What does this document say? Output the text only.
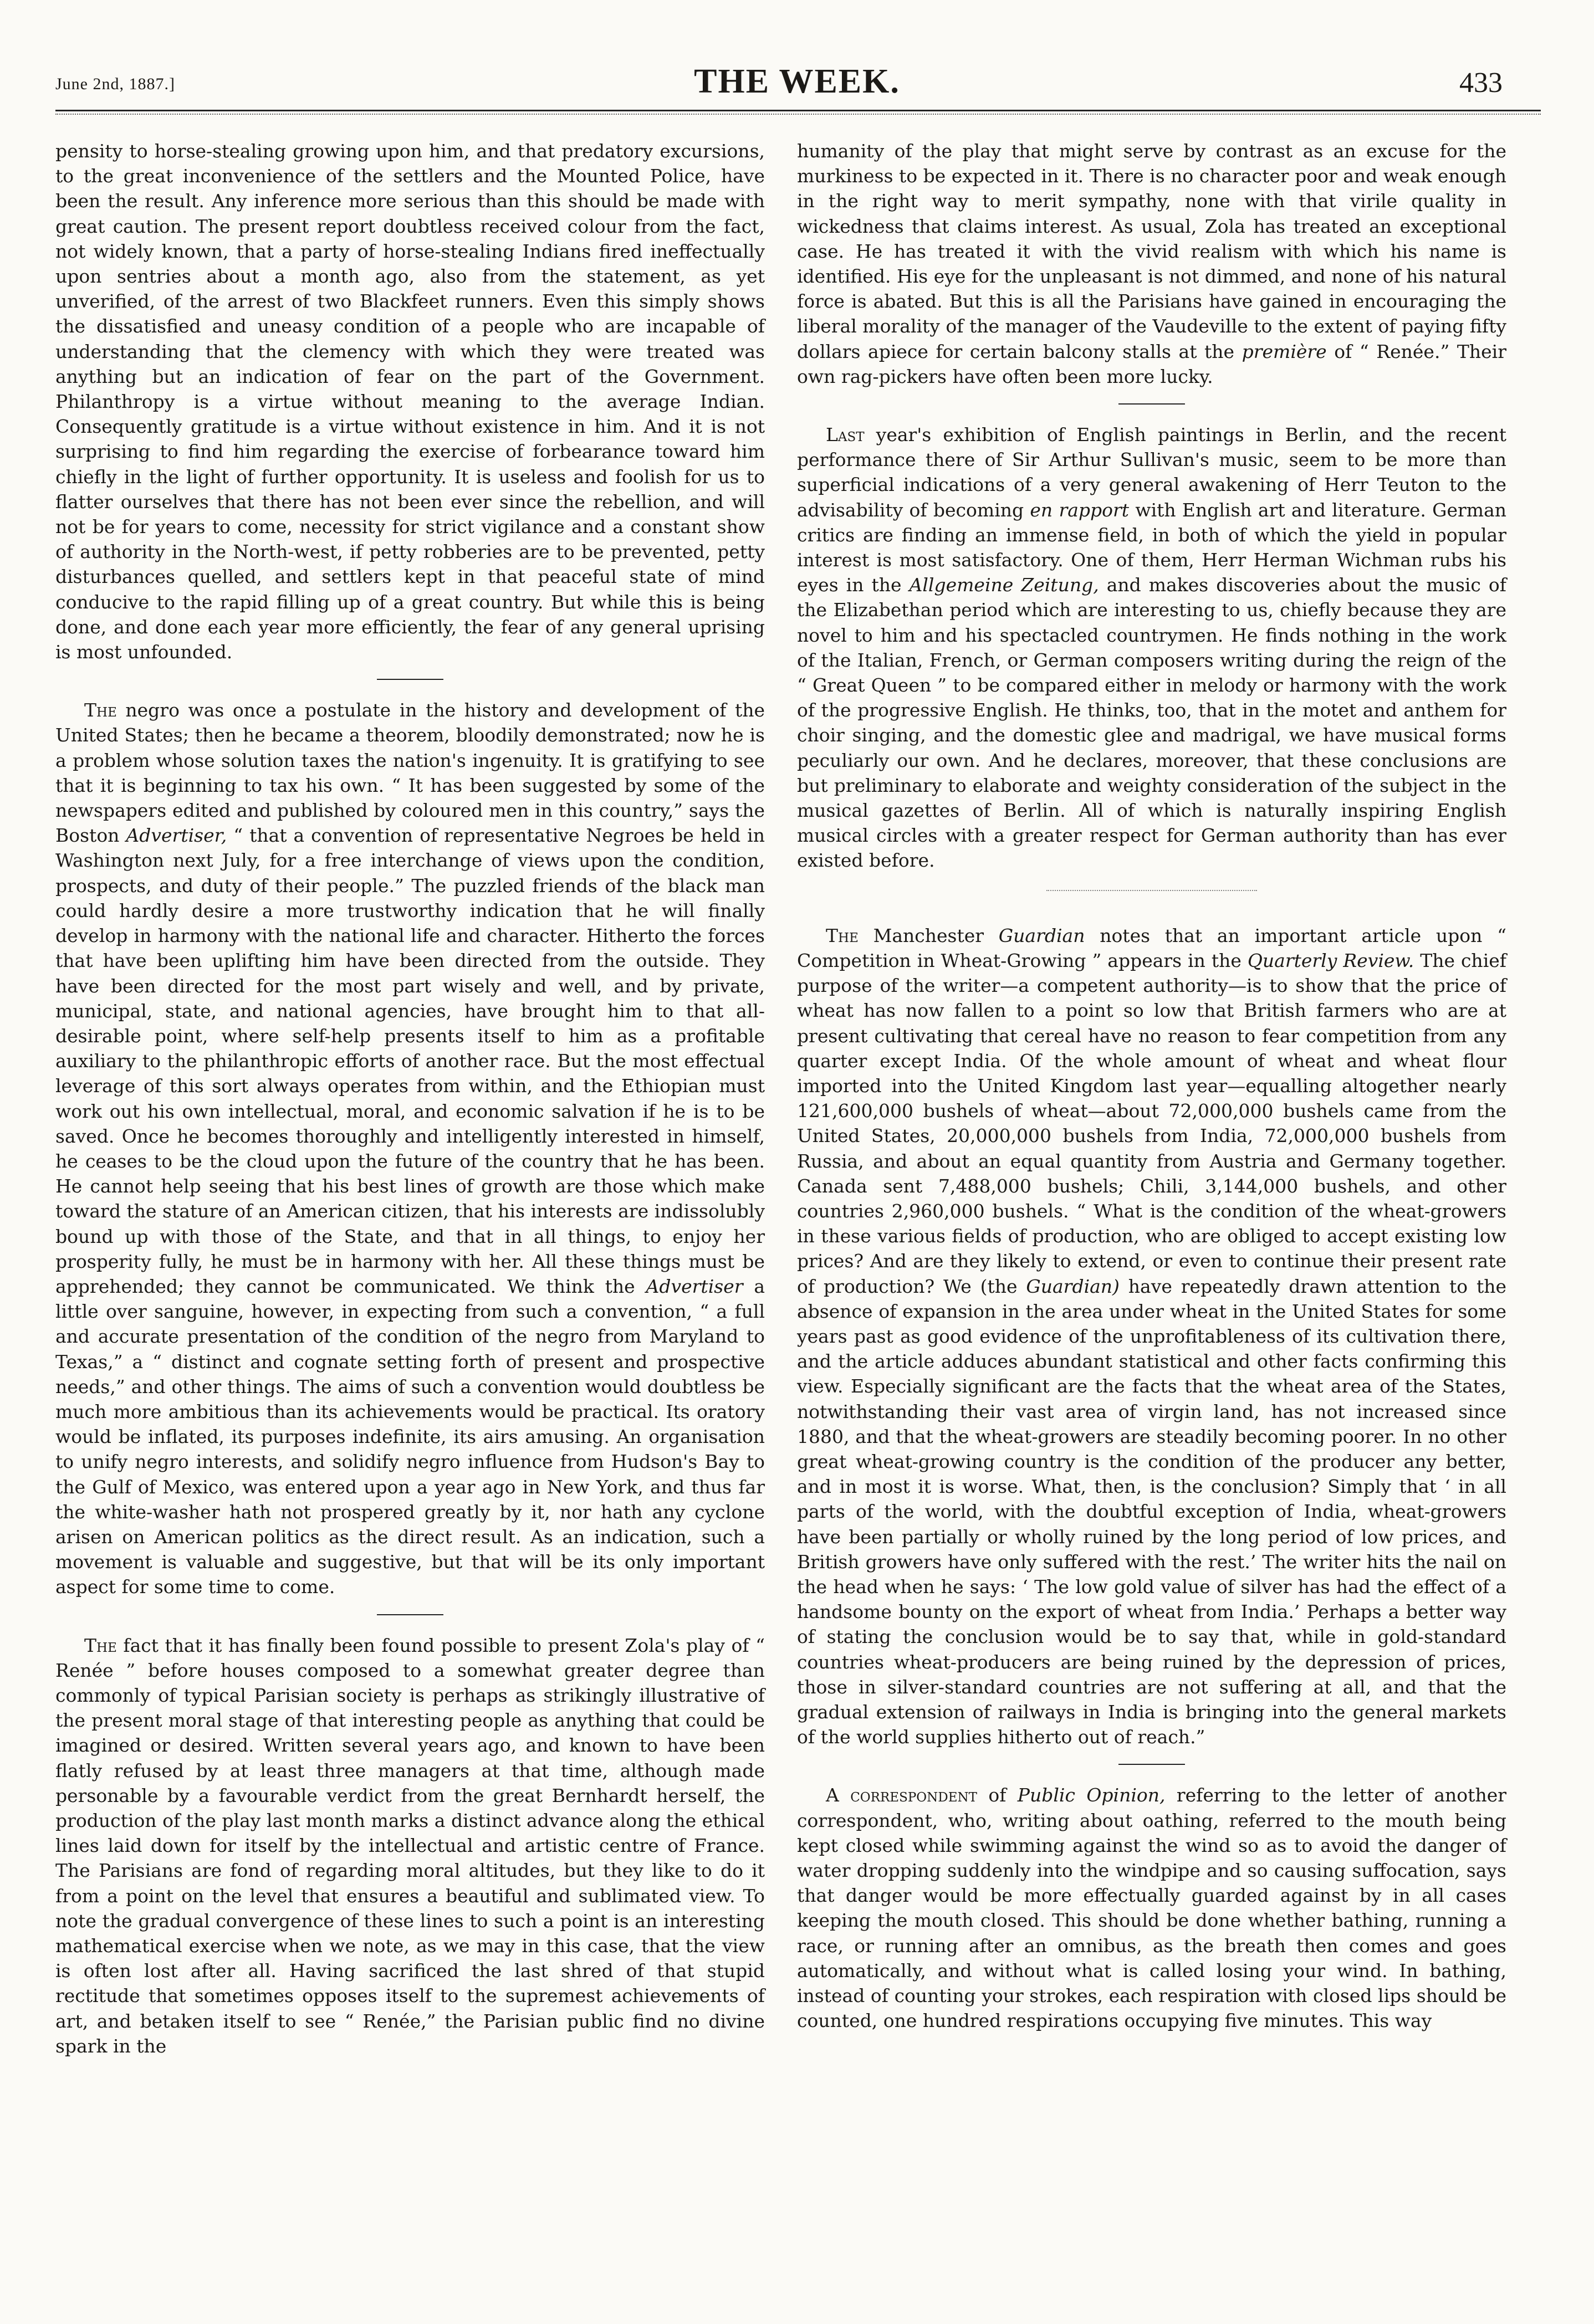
June 2nd, 1887.]	THE WEEK.	433

pensity to horse-stealing growing upon him, and that predatory excursions, to the great inconvenience of the settlers and the Mounted Police, have been the result. Any inference more serious than this should be made with great caution. The present report doubtless received colour from the fact, not widely known, that a party of horse-stealing Indians fired ineffectually upon sentries about a month ago, also from the statement, as yet unverified, of the arrest of two Blackfeet runners. Even this simply shows the dissatisfied and uneasy condition of a people who are incapable of understanding that the clemency with which they were treated was anything but an indication of fear on the part of the Government. Philanthropy is a virtue without meaning to the average Indian. Consequently gratitude is a virtue without existence in him. And it is not surprising to find him regarding the exercise of forbearance toward him chiefly in the light of further opportunity. It is useless and foolish for us to flatter ourselves that there has not been ever since the rebellion, and will not be for years to come, necessity for strict vigilance and a constant show of authority in the North-west, if petty robberies are to be prevented, petty disturbances quelled, and settlers kept in that peaceful state of mind conducive to the rapid filling up of a great country. But while this is being done, and done each year more efficiently, the fear of any general uprising is most unfounded.

The negro was once a postulate in the history and development of the United States; then he became a theorem, bloodily demonstrated; now he is a problem whose solution taxes the nation's ingenuity. It is gratifying to see that it is beginning to tax his own. “ It has been suggested by some of the newspapers edited and published by coloured men in this country,” says the Boston Advertiser, “ that a convention of representative Negroes be held in Washington next July, for a free interchange of views upon the condition, prospects, and duty of their people.” The puzzled friends of the black man could hardly desire a more trustworthy indication that he will finally develop in harmony with the national life and character. Hitherto the forces that have been uplifting him have been directed from the outside. They have been directed for the most part wisely and well, and by private, municipal, state, and national agencies, have brought him to that all-desirable point, where self-help presents itself to him as a profitable auxiliary to the philanthropic efforts of another race. But the most effectual leverage of this sort always operates from within, and the Ethiopian must work out his own intellectual, moral, and economic salvation if he is to be saved. Once he becomes thoroughly and intelligently interested in himself, he ceases to be the cloud upon the future of the country that he has been. He cannot help seeing that his best lines of growth are those which make toward the stature of an American citizen, that his interests are indissolubly bound up with those of the State, and that in all things, to enjoy her prosperity fully, he must be in harmony with her. All these things must be apprehended; they cannot be communicated. We think the Advertiser a little over sanguine, however, in expecting from such a convention, “ a full and accurate presentation of the condition of the negro from Maryland to Texas,” a “ distinct and cognate setting forth of present and prospective needs,” and other things. The aims of such a convention would doubtless be much more ambitious than its achievements would be practical. Its oratory would be inflated, its purposes indefinite, its airs amusing. An organisation to unify negro interests, and solidify negro influence from Hudson's Bay to the Gulf of Mexico, was entered upon a year ago in New York, and thus far the white-washer hath not prospered greatly by it, nor hath any cyclone arisen on American politics as the direct result. As an indication, such a movement is valuable and suggestive, but that will be its only important aspect for some time to come.

The fact that it has finally been found possible to present Zola's play of “ Renée ” before houses composed to a somewhat greater degree than commonly of typical Parisian society is perhaps as strikingly illustrative of the present moral stage of that interesting people as anything that could be imagined or desired. Written several years ago, and known to have been flatly refused by at least three managers at that time, although made personable by a favourable verdict from the great Bernhardt herself, the production of the play last month marks a distinct advance along the ethical lines laid down for itself by the intellectual and artistic centre of France. The Parisians are fond of regarding moral altitudes, but they like to do it from a point on the level that ensures a beautiful and sublimated view. To note the gradual convergence of these lines to such a point is an interesting mathematical exercise when we note, as we may in this case, that the view is often lost after all. Having sacrificed the last shred of that stupid rectitude that sometimes opposes itself to the supremest achievements of art, and betaken itself to see “ Renée,” the Parisian public find no divine spark in the

humanity of the play that might serve by contrast as an excuse for the murkiness to be expected in it. There is no character poor and weak enough in the right way to merit sympathy, none with that virile quality in wickedness that claims interest. As usual, Zola has treated an exceptional case. He has treated it with the vivid realism with which his name is identified. His eye for the unpleasant is not dimmed, and none of his natural force is abated. But this is all the Parisians have gained in encouraging the liberal morality of the manager of the Vaudeville to the extent of paying fifty dollars apiece for certain balcony stalls at the première of “ Renée.” Their own rag-pickers have often been more lucky.

Last year's exhibition of English paintings in Berlin, and the recent performance there of Sir Arthur Sullivan's music, seem to be more than superficial indications of a very general awakening of Herr Teuton to the advisability of becoming en rapport with English art and literature. German critics are finding an immense field, in both of which the yield in popular interest is most satisfactory. One of them, Herr Herman Wichman rubs his eyes in the Allgemeine Zeitung, and makes discoveries about the music of the Elizabethan period which are interesting to us, chiefly because they are novel to him and his spectacled countrymen. He finds nothing in the work of the Italian, French, or German composers writing during the reign of the “ Great Queen ” to be compared either in melody or harmony with the work of the progressive English. He thinks, too, that in the motet and anthem for choir singing, and the domestic glee and madrigal, we have musical forms peculiarly our own. And he declares, moreover, that these conclusions are but preliminary to elaborate and weighty consideration of the subject in the musical gazettes of Berlin. All of which is naturally inspiring English musical circles with a greater respect for German authority than has ever existed before.

The Manchester Guardian notes that an important article upon “ Competition in Wheat-Growing ” appears in the Quarterly Review. The chief purpose of the writer—a competent authority—is to show that the price of wheat has now fallen to a point so low that British farmers who are at present cultivating that cereal have no reason to fear competition from any quarter except India. Of the whole amount of wheat and wheat flour imported into the United Kingdom last year—equalling altogether nearly 121,600,000 bushels of wheat—about 72,000,000 bushels came from the United States, 20,000,000 bushels from India, 72,000,000 bushels from Russia, and about an equal quantity from Austria and Germany together. Canada sent 7,488,000 bushels; Chili, 3,144,000 bushels, and other countries 2,960,000 bushels. “ What is the condition of the wheat-growers in these various fields of production, who are obliged to accept existing low prices? And are they likely to extend, or even to continue their present rate of production? We (the Guardian) have repeatedly drawn attention to the absence of expansion in the area under wheat in the United States for some years past as good evidence of the unprofitableness of its cultivation there, and the article adduces abundant statistical and other facts confirming this view. Especially significant are the facts that the wheat area of the States, notwithstanding their vast area of virgin land, has not increased since 1880, and that the wheat-growers are steadily becoming poorer. In no other great wheat-growing country is the condition of the producer any better, and in most it is worse. What, then, is the conclusion? Simply that ‘ in all parts of the world, with the doubtful exception of India, wheat-growers have been partially or wholly ruined by the long period of low prices, and British growers have only suffered with the rest.’ The writer hits the nail on the head when he says: ‘ The low gold value of silver has had the effect of a handsome bounty on the export of wheat from India.’ Perhaps a better way of stating the conclusion would be to say that, while in gold-standard countries wheat-producers are being ruined by the depression of prices, those in silver-standard countries are not suffering at all, and that the gradual extension of railways in India is bringing into the general markets of the world supplies hitherto out of reach.”

A correspondent of Public Opinion, referring to the letter of another correspondent, who, writing about oathing, referred to the mouth being kept closed while swimming against the wind so as to avoid the danger of water dropping suddenly into the windpipe and so causing suffocation, says that danger would be more effectually guarded against by in all cases keeping the mouth closed. This should be done whether bathing, running a race, or running after an omnibus, as the breath then comes and goes automatically, and without what is called losing your wind. In bathing, instead of counting your strokes, each respiration with closed lips should be counted, one hundred respirations occupying five minutes. This way
